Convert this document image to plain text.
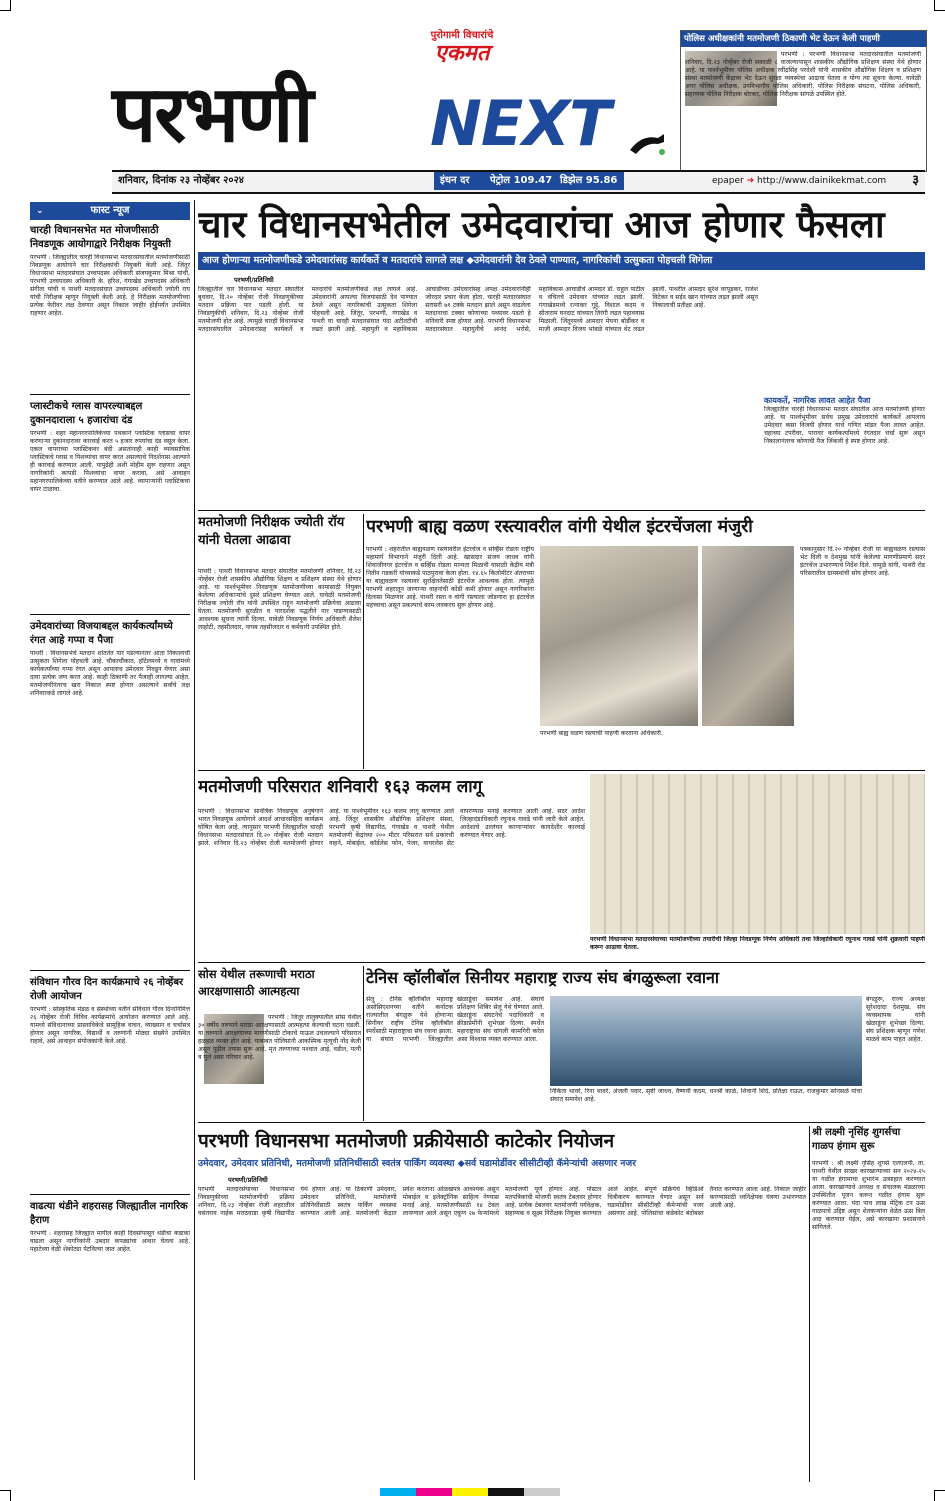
पुरोगामी विचारांचे
एकमत
परभणी NEXT
पोलिस अधीक्षकांनी मतमोजणी ठिकाणी भेट देऊन केली पाहणी
परभणी : परभणी विधानसभा मतदारसंघातील मतमोजणी शनिवार, दि.२३ नोव्हेंबर रोजी सकाळी ८ वाजल्यापासून शासकीय औद्योगिक प्रशिक्षण संस्था येथे होणार आहे. या पार्श्वभूमीवर पोलिस अधीक्षक रवींद्रसिंह परदेशी यांनी शासकीय औद्योगिक शिक्षण व प्रशिक्षण संस्था मतमोजणी केंद्रावर भेट देऊन सुरक्षा व्यवस्थेचा आढावा घेतला व योग्य त्या सूचना केल्या. यावेळी अपर पोलिस अधीक्षक, उपविभागीय पोलिस अधिकारी, पोलिस निरीक्षक संघटना, पोलिस अधिकारी, सहाय्यक पोलिस निरीक्षक बोरकर, पोलिस निरीक्षक सांगळे उपस्थित होते.
शनिवार, दिनांक २३ नोव्हेंबर २०२४	इंधन दर पेट्रोल 109.47 डिझेल 95.86	epaper ➜ http://www.dainikekmat.com ३
⌄	फास्ट न्यूज
चारही विधानसभेत मत मोजणीसाठी निवडणूक आयोगाद्वारे निरीक्षक नियुक्ती
परभणी : जिल्ह्यातील चारही विधानसभा मतदारसंघातील मतमोजणीसाठी निवडणूक आयोगाने चार निरीक्षकांची नियुक्ती केली आहे. जिंतूर विधानसभा मतदारसंघात उच्चपदस्थ अधिकारी संजयकुमार मिश्रा यांची, परभणी उच्चपदस्थ अधिकारी के. हरिश, गंगाखेड उच्चपदस्थ अधिकारी संगीता यांची व पाथरी मतदारसंघात उच्चपदस्थ अधिकारी ज्योती राय यांची निरीक्षक म्हणून नियुक्ती केली आहे. हे निरीक्षक मतमोजणीच्या प्रत्येक फेरीवर लक्ष ठेवणार असून निकाल जाहीर होईपर्यंत उपस्थित राहणार आहेत.
प्लास्टीकचे ग्लास वापरल्याबद्दल दुकानदाराला ५ हजारांचा दंड
परभणी : शहर महानगरपालिकेच्या पथकाने प्लास्टिक ग्लासचा वापर करणाऱ्या दुकानदारावर कारवाई करत ५ हजार रुपयांचा दंड वसूल केला. एकल वापराच्या प्लास्टिकवर बंदी असतानाही काही व्यावसायिक प्लास्टिकचे ग्लास व पिशव्यांचा वापर करत असल्याचे निदर्शनास आल्याने ही कारवाई करण्यात आली. यापुढेही अशी मोहीम सुरू राहणार असून नागरिकांनी कापडी पिशव्यांचा वापर करावा, असे आवाहन महानगरपालिकेच्या वतीने करण्यात आले आहे. व्यापाऱ्यांनी प्लास्टिकचा वापर टाळावा.
उमेदवारांच्या विजयाबद्दल कार्यकर्त्यांमध्ये रंगत आहे गप्पा व पैजा
पाथरी : विधानसभेचे मतदान शांततेत पार पडल्यानंतर आता निकालाची उत्सुकता शिगेला पोहचली आहे. चौकाचौकात, हॉटेलमध्ये व गावांमध्ये कार्यकर्त्यांच्या गप्पा रंगत असून आपलाच उमेदवार निवडून येणार असा दावा प्रत्येक जण करत आहे. काही ठिकाणी तर पैजाही लागल्या आहेत. मतमोजणीनंतरच खरा निकाल स्पष्ट होणार असल्याने सर्वांचे लक्ष शनिवारकडे लागले आहे.
संविधान गौरव दिन कार्यक्रमाचे २६ नोव्हेंबर रोजी आयोजन
परभणी : सांस्कृतिक मंडळ व संस्थांच्या वतीने संविधान गौरव दिनानिमित्त २६ नोव्हेंबर रोजी विविध कार्यक्रमांचे आयोजन करण्यात आले आहे. यामध्ये संविधानाच्या प्रास्ताविकेचे सामूहिक वाचन, व्याख्यान व चर्चासत्र होणार असून नागरिक, विद्यार्थी व तरुणांनी मोठ्या संख्येने उपस्थित राहावे, असे आवाहन संयोजकांनी केले आहे.
वाढत्या थंडीने शहरासह जिल्ह्यातील नागरिक हैराण
परभणी : शहरासह जिल्ह्यात मागील काही दिवसांपासून थंडीचा कडाका वाढला असून नागरिकांनी उबदार कपड्यांचा आधार घेतला आहे. पहाटेच्या वेळी शेकोट्या पेटविल्या जात आहेत.
चार विधानसभेतील उमेदवारांचा आज होणार फैसला
आज होणाऱ्या मतमोजणीकडे उमेदवारांसह कार्यकर्ते व मतदारांचे लागले लक्ष ◆उमेदवारांनी देव ठेवले पाण्यात, नागरिकांची उत्सुकता पोहचली शिगेला
परभणी/प्रतिनिधी
जिल्ह्यातील चार विधानसभा मतदार संघातील बुधवार, दि.२० नोव्हेंबर रोजी निवडणुकीच्या मतदान प्रक्रिया पार पडली होती. या निवडणुकीची शनिवार, दि.२३ नोव्हेंबर रोजी मतमोजणी होत आहे. त्यामुळे चारही विधानसभा मतदारसंघातील उमेदवारांसह कार्यकर्ते व मतदारांचे मतमोजणीकडे लक्ष लागले आहे. उमेदवारांनी आपल्या विजयासाठी देव पाण्यात ठेवले असून नागरिकांची उत्सुकता शिगेला पोहचली आहे. जिंतूर, परभणी, गंगाखेड व पाथरी या चारही मतदारसंघात यंदा अटीतटीची लढत झाली आहे. महायुती व महाविकास आघाडीच्या उमेदवारांसह अपक्ष उमेदवारांनीही जोरदार प्रचार केला होता. चारही मतदारसंघात सरासरी ७१ टक्के मतदान झाले असून वाढलेला मतदानाचा टक्का कोणाच्या पथ्यावर पडतो हे शनिवारी स्पष्ट होणार आहे. परभणी विधानसभा मतदारसंघात महायुतीचे आनंद भरोसे, महाविकास आघाडीचे आमदार डॉ. राहुल पाटील व वंचितचे उमेदवार यांच्यात लढत झाली. गंगाखेडमध्ये रत्नाकर गुट्टे, विशाल कदम व सीताराम घनदाट यांच्यात तिरंगी लढत पहावयास मिळाली. जिंतूरमध्ये आमदार मेघना बोर्डीकर व माजी आमदार विजय भांबळे यांच्यात थेट लढत झाली. पाथरीत आमदार सुरेश वरपूडकर, राजेश विटेकर व सईद खान यांच्यात लढत झाली असून निकालाची प्रतीक्षा आहे.
कायकर्ते, नागरिक लावत आहेत पैजा
जिल्ह्यातील चारही विधानसभा मतदार संघातील आज मतमोजणी होणार आहे. या पार्श्वभूमीवर सर्वच प्रमुख उमेदवारांचे कार्यकर्ते आपलाच उमेदवार कसा विजयी होणार याचे गणित मांडत पैजा लावत आहेत. चहाच्या टपरीवर, पारावर कार्यकर्त्यांमध्ये रंगतदार चर्चा सुरू असून निकालानंतरच कोणाची पैज जिंकली हे स्पष्ट होणार आहे.
मतमोजणी निरीक्षक ज्योती रॉय यांनी घेतला आढावा
पाथरी : पाथरी विधानसभा मतदार संघातील मतमोजणी शनिवार, दि.२३ नोव्हेंबर रोजी शासकीय औद्योगिक शिक्षण व प्रशिक्षण संस्था येथे होणार आहे. या पार्श्वभूमीवर निवडणूक मतमोजणीच्या कामासाठी नियुक्त केलेल्या अधिकाऱ्यांचे दुसरे प्रशिक्षण घेण्यात आले. यावेळी मतमोजणी निरीक्षक ज्योती रॉय यांनी उपस्थित राहून मतमोजणी प्रक्रियेचा आढावा घेतला. मतमोजणी सुरळीत व पारदर्शक पद्धतीने पार पाडण्यासाठी आवश्यक सूचना त्यांनी दिल्या. यावेळी निवडणूक निर्णय अधिकारी शैलेश लाहोटी, तहसीलदार, नायब तहसीलदार व कर्मचारी उपस्थित होते.
परभणी बाह्य वळण रस्त्यावरील वांगी येथील इंटरचेंजला मंजुरी
परभणी : शहरातील बाह्यवळण रस्त्यावरील इंटरचेंज व सर्व्हिस रोडला राष्ट्रीय महामार्ग विभागाने मंजुरी दिली आहे. खासदार संजय जाधव यांनी शिवाजीनगर इंटरचेंज व सर्व्हिस रोडला मान्यता मिळावी यासाठी केंद्रीय मंत्री नितीन गडकरी यांच्याकडे पाठपुरावा केला होता. १४.६५ किलोमीटर अंतराच्या या बाह्यवळण रस्त्यावर सुरक्षिततेसाठी इंटरचेंज आवश्यक होता. त्यामुळे परभणी शहरातून जाणाऱ्या वाहनांची कोंडी कमी होणार असून नागरिकांना दिलासा मिळणार आहे. पाथरी रस्ता व वांगी रस्त्याला जोडणारा हा इंटरचेंज महत्त्वाचा असून प्रकल्पाचे काम लवकरच सुरू होणार आहे.
परभणी बाह्य वळण रस्त्याची पाहणी करताना अधिकारी.
पत्रकानुसार दि.२० नोव्हेंबर रोजी या बाह्यवळण रस्त्यास भेट दिली व देशमुख यांनी केलेल्या मागणीप्रमाणे सदर इंटरचेंज उभारण्याचे निर्देश दिले. यामुळे वांगी, पाथरी रोड परिसरातील ग्रामस्थांची सोय होणार आहे.
मतमोजणी परिसरात शनिवारी १६३ कलम लागू
परभणी : विधानसभा सार्वत्रिक निवडणूक अनुषंगाने भारत निवडणूक आयोगाने आदर्श आचारसंहिता कार्यक्रम घोषित केला आहे. त्यानुसार परभणी जिल्ह्यातील चारही विधानसभा मतदारसंघात दि.२० नोव्हेंबर रोजी मतदान झाले. शनिवार दि.२३ नोव्हेंबर रोजी मतमोजणी होणार आहे. या पार्श्वभूमीवर १६३ कलम लागू करण्यात आले आहे. जिंतूर शासकीय औद्योगिक प्रशिक्षण संस्था, परभणी कृषी विद्यापीठ, गंगाखेड व पाथरी येथील मतमोजणी केंद्रांच्या २०० मीटर परिसरात सर्व प्रकारची वाहने, मोबाईल, कॉर्डलेस फोन, पेजर, वायरलेस सेट वापरण्यास मनाई करण्यात आली आहे. सदर आदेश जिल्हादंडाधिकारी रघुनाथ गावडे यांनी जारी केले आहेत. आदेशाचे उल्लंघन करणाऱ्यांवर कायदेशीर कारवाई करण्यात येणार आहे.
परभणी विधानसभा मतदारसंघाच्या मतमोजणीच्या तयारीची जिल्हा निवडणूक निर्णय अधिकारी तथा जिल्हाधिकारी रघुनाथ गावडे यांनी शुक्रवारी पाहणी करून आढावा घेतला.
सोस येथील तरूणाची मराठा आरक्षणासाठी आत्महत्या
परभणी : जिंतूर तालुक्यातील सोस येथील ३० वर्षीय तरुणाने मराठा आरक्षणासाठी आत्महत्या केल्याची घटना घडली. या तरुणाने आरक्षणाच्या मागणीसाठी टोकाचे पाऊल उचलल्याने परिसरात हळहळ व्यक्त होत आहे. याबाबत पोलिसांनी आकस्मिक मृत्यूची नोंद केली असून पुढील तपास सुरू आहे. मृत तरुणाच्या पश्चात आई, वडील, पत्नी व मुले असा परिवार आहे.
टेनिस व्हॉलीबॉल सिनीयर महाराष्ट्र राज्य संघ बंगळुरूला रवाना
सेलू : टेनिस व्हॉलीबॉल महाराष्ट्र असोसिएशनच्या वतीने कर्नाटक राज्यातील बंगळुरू येथे होणाऱ्या सिनीयर राष्ट्रीय टेनिस व्हॉलीबॉल स्पर्धेसाठी महाराष्ट्राचा संघ रवाना झाला. या संघात परभणी जिल्ह्यातील खेळाडूंचा समावेश आहे. संघाचे प्रशिक्षण शिबिर सेलू येथे घेण्यात आले. खेळाडूंना संघटनेचे पदाधिकारी व क्रीडाप्रेमींनी शुभेच्छा दिल्या. स्पर्धेत महाराष्ट्राचा संघ चांगली कामगिरी करेल असा विश्वास व्यक्त करण्यात आला.
निकिता थावरे, रिना थावरे, अंजली पवार, सृष्टी जाधव, वैष्णवी कदम, धनश्री काळे, शिवानी शिंदे, प्रतिक्षा राऊत, राजकुमार सोनसळे यांचा संघात समावेश आहे.
बंगळुरू, राज्य अध्यक्ष सुरेशदादा देशमुख, संघ व्यवस्थापक यांनी खेळाडूंना शुभेच्छा दिल्या. संघ प्रशिक्षक म्हणून गणेश माळवे काम पाहत आहेत.
परभणी विधानसभा मतमोजणी प्रक्रीयेसाठी काटेकोर नियोजन
उमेदवार, उमेदवार प्रतिनिधी, मतमोजणी प्रतिनिधींसाठी स्वतंत्र पार्किंग व्यवस्था ◆सर्व घडामोडींवर सीसीटीव्ही कॅमेऱ्यांची असणार नजर
परभणी/प्रतिनिधी
परभणी मतदारसंघाच्या विधानसभा निवडणुकीच्या मतमोजणीची प्रक्रिया शनिवार, दि.२३ नोव्हेंबर रोजी शहरातील वसंतराव नाईक मराठवाडा कृषी विद्यापीठ येथे होणार आहे. या ठिकाणी उमेदवार, उमेदवार प्रतिनिधी, मतमोजणी प्रतिनिधींसाठी स्वतंत्र पार्किंग व्यवस्था करण्यात आली आहे. मतमोजणी केंद्रात प्रवेश करताना ओळखपत्र आवश्यक असून मोबाईल व इलेक्ट्रॉनिक साहित्य नेण्यास मनाई आहे. मतमोजणीसाठी १४ टेबल लावण्यात आले असून एकूण २७ फेऱ्यांमध्ये मतमोजणी पूर्ण होणार आहे. पोस्टल मतपत्रिकांची मोजणी स्वतंत्र टेबलवर होणार आहे. प्रत्येक टेबलवर मतमोजणी पर्यवेक्षक, सहाय्यक व सूक्ष्म निरीक्षक नियुक्त करण्यात आले आहेत. संपूर्ण प्रक्रियेचे व्हिडिओ चित्रीकरण करण्यात येणार असून सर्व घडामोडींवर सीसीटीव्ही कॅमेऱ्यांची नजर असणार आहे. पोलिसांचा कडेकोट बंदोबस्त तैनात करण्यात आला आहे. निकाल जाहीर करण्यासाठी ध्वनिक्षेपक यंत्रणा उभारण्यात आली आहे.
श्री लक्ष्मी नृसिंह शुगर्सचा गाळप हंगाम सुरू
परभणी : श्री लक्ष्मी नृसिंह शुगर्स एलएलपी, ता. पाथरी येथील साखर कारखान्याच्या सन २०२४-२५ या गळीत हंगामाचा शुभारंभ उत्साहात करण्यात आला. कारखान्याचे अध्यक्ष व संचालक मंडळाच्या उपस्थितीत पूजन करून गळीत हंगाम सुरू करण्यात आला. यंदा पाच लाख मेट्रिक टन ऊस गाळपाचे उद्दिष्ट असून शेतकऱ्यांना वेळेत ऊस बिल अदा करण्यात येईल, असे कारखाना प्रशासनाने सांगितले.
